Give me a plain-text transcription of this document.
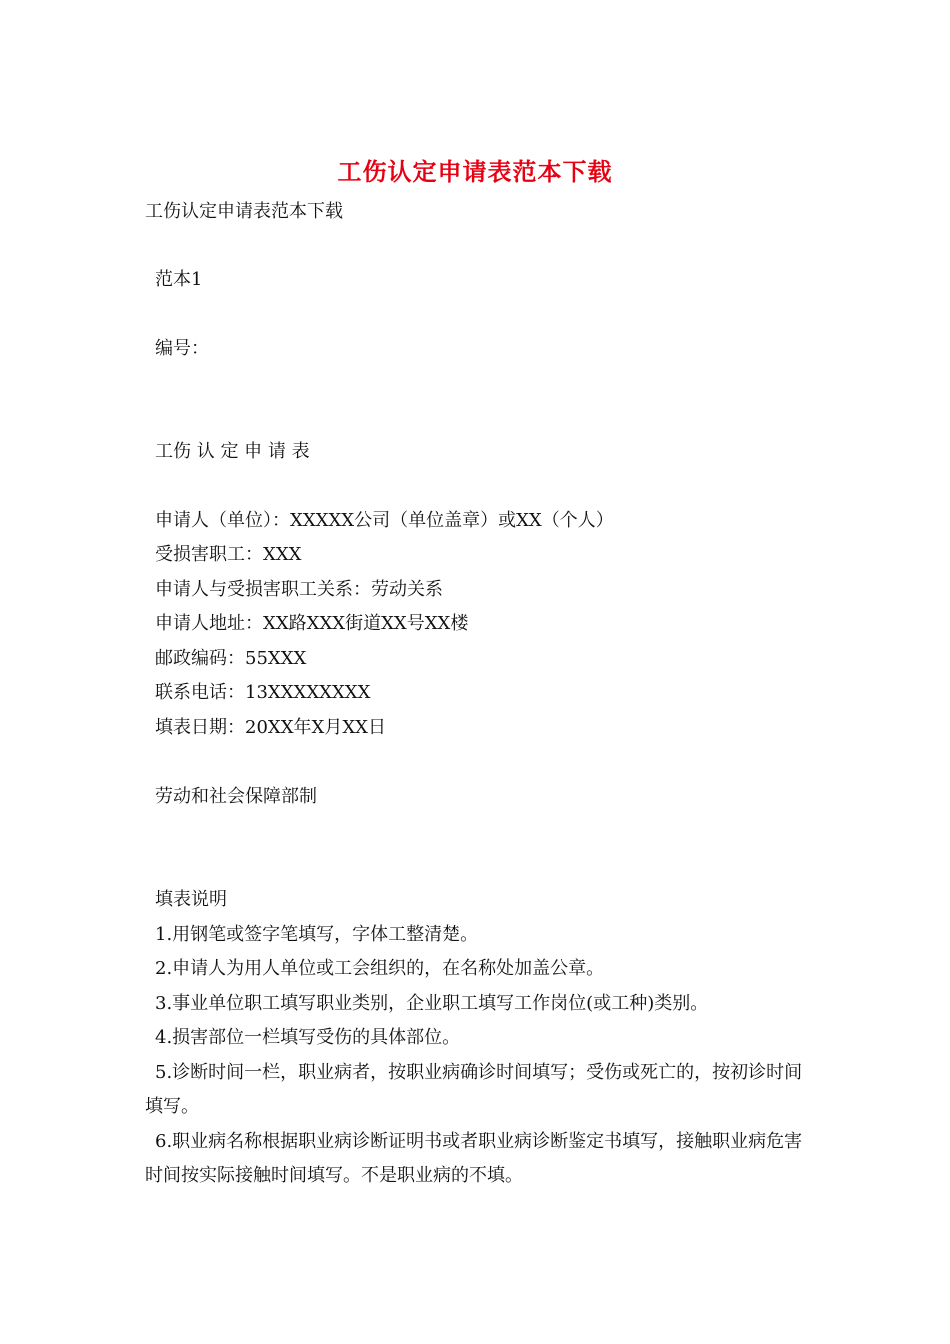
工伤认定申请表范本下载
工伤认定申请表范本下载
范本1
编号：
工伤 认 定 申 请 表
申请人（单位）：XXXXX公司（单位盖章）或XX（个人）
受损害职工：XXX
申请人与受损害职工关系：劳动关系
申请人地址：XX路XXX街道XX号XX楼
邮政编码：55XXX
联系电话：13XXXXXXXX
填表日期：20XX年X月XX日
劳动和社会保障部制
填表说明
1.用钢笔或签字笔填写，字体工整清楚。
2.申请人为用人单位或工会组织的，在名称处加盖公章。
3.事业单位职工填写职业类别，企业职工填写工作岗位(或工种)类别。
4.损害部位一栏填写受伤的具体部位。
5.诊断时间一栏，职业病者，按职业病确诊时间填写；受伤或死亡的，按初诊时间填写。
6.职业病名称根据职业病诊断证明书或者职业病诊断鉴定书填写，接触职业病危害时间按实际接触时间填写。不是职业病的不填。
